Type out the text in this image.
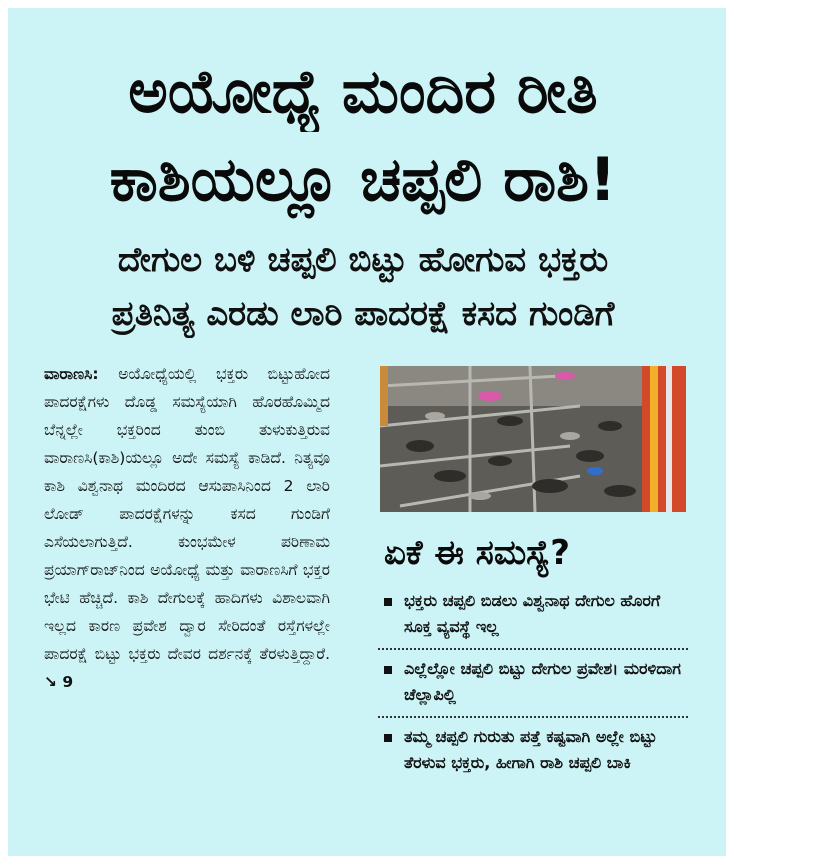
ಅಯೋಧ್ಯೆ ಮಂದಿರ ರೀತಿ
ಕಾಶಿಯಲ್ಲೂ ಚಪ್ಪಲಿ ರಾಶಿ!
ದೇಗುಲ ಬಳಿ ಚಪ್ಪಲಿ ಬಿಟ್ಟು ಹೋಗುವ ಭಕ್ತರು
ಪ್ರತಿನಿತ್ಯ ಎರಡು ಲಾರಿ ಪಾದರಕ್ಷೆ ಕಸದ ಗುಂಡಿಗೆ
ವಾರಾಣಸಿ: ಅಯೋಧ್ಯೆಯಲ್ಲಿ ಭಕ್ತರು ಬಿಟ್ಟುಹೋದ ಪಾದರಕ್ಷೆಗಳು ದೊಡ್ಡ ಸಮಸ್ಯೆಯಾಗಿ ಹೊರಹೊಮ್ಮಿದ ಬೆನ್ನಲ್ಲೇ ಭಕ್ತರಿಂದ ತುಂಬಿ ತುಳುಕುತ್ತಿರುವ ವಾರಾಣಸಿ(ಕಾಶಿ)ಯಲ್ಲೂ ಅದೇ ಸಮಸ್ಯೆ ಕಾಡಿದೆ. ನಿತ್ಯವೂ ಕಾಶಿ ವಿಶ್ವನಾಥ ಮಂದಿರದ ಆಸುಪಾಸಿನಿಂದ 2 ಲಾರಿ ಲೋಡ್ ಪಾದರಕ್ಷೆಗಳನ್ನು ಕಸದ ಗುಂಡಿಗೆ ಎಸೆಯಲಾಗುತ್ತಿದೆ. ಕುಂಭಮೇಳ ಪರಿಣಾಮ ಪ್ರಯಾಗ್‌ರಾಜ್‌ನಿಂದ ಅಯೋಧ್ಯೆ ಮತ್ತು ವಾರಾಣಸಿಗೆ ಭಕ್ತರ ಭೇಟಿ ಹೆಚ್ಚಿದೆ. ಕಾಶಿ ದೇಗುಲಕ್ಕೆ ಹಾದಿಗಳು ವಿಶಾಲವಾಗಿ ಇಲ್ಲದ ಕಾರಣ ಪ್ರವೇಶ ದ್ವಾರ ಸೇರಿದಂತೆ ರಸ್ತೆಗಳಲ್ಲೇ ಪಾದರಕ್ಷೆ ಬಿಟ್ಟು ಭಕ್ತರು ದೇವರ ದರ್ಶನಕ್ಕೆ ತೆರಳುತ್ತಿದ್ದಾರೆ. ↘ 9
ಏಕೆ ಈ ಸಮಸ್ಯೆ?
ಭಕ್ತರು ಚಪ್ಪಲಿ ಬಿಡಲು ವಿಶ್ವನಾಥ ದೇಗುಲ ಹೊರಗೆ ಸೂಕ್ತ ವ್ಯವಸ್ಥೆ ಇಲ್ಲ
ಎಲ್ಲೆಲ್ಲೋ ಚಪ್ಪಲಿ ಬಿಟ್ಟು ದೇಗುಲ ಪ್ರವೇಶ। ಮರಳಿದಾಗ ಚೆಲ್ಲಾಪಿಲ್ಲಿ
ತಮ್ಮ ಚಪ್ಪಲಿ ಗುರುತು ಪತ್ತೆ ಕಷ್ಟವಾಗಿ ಅಲ್ಲೇ ಬಿಟ್ಟು ತೆರಳುವ ಭಕ್ತರು, ಹೀಗಾಗಿ ರಾಶಿ ಚಪ್ಪಲಿ ಬಾಕಿ
